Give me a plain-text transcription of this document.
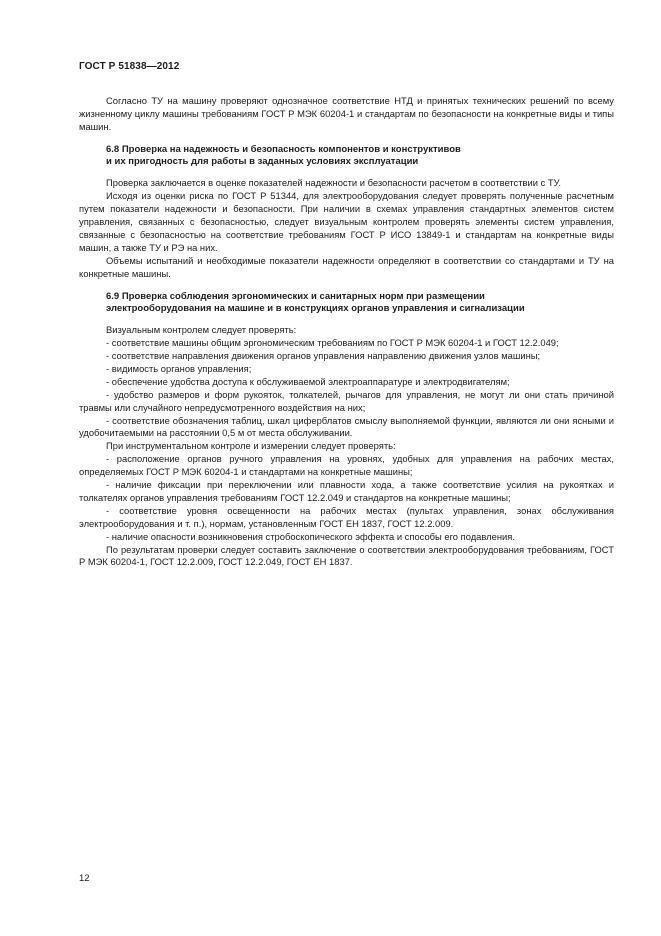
ГОСТ Р 51838—2012

Согласно ТУ на машину проверяют однозначное соответствие НТД и принятых технических решений по всему жизненному циклу машины требованиям ГОСТ Р МЭК 60204-1 и стандартам по безопасности на конкретные виды и типы машин.

6.8 Проверка на надежность и безопасность компонентов и конструктивов
и их пригодность для работы в заданных условиях эксплуатации

Проверка заключается в оценке показателей надежности и безопасности расчетом в соответствии с ТУ.

Исходя из оценки риска по ГОСТ Р 51344, для электрооборудования следует проверять полученные расчетным путем показатели надежности и безопасности. При наличии в схемах управления стандартных элементов систем управления, связанных с безопасностью, следует визуальным контролем проверять элементы систем управления, связанные с безопасностью на соответствие требованиям ГОСТ Р ИСО 13849-1 и стандартам на конкретные виды машин, а также ТУ и РЭ на них.

Объемы испытаний и необходимые показатели надежности определяют в соответствии со стандартами и ТУ на конкретные машины.

6.9 Проверка соблюдения эргономических и санитарных норм при размещении
электрооборудования на машине и в конструкциях органов управления и сигнализации

Визуальным контролем следует проверять:

- соответствие машины общим эргономическим требованиям по ГОСТ Р МЭК 60204-1 и ГОСТ 12.2.049;

- соответствие направления движения органов управления направлению движения узлов машины;

- видимость органов управления;

- обеспечение удобства доступа к обслуживаемой электроаппаратуре и электродвигателям;

- удобство размеров и форм рукояток, толкателей, рычагов для управления, не могут ли они стать причиной травмы или случайного непредусмотренного воздействия на них;

- соответствие обозначения таблиц, шкал циферблатов смыслу выполняемой функции, являются ли они ясными и удобочитаемыми на расстоянии 0,5 м от места обслуживании.

При инструментальном контроле и измерении следует проверять:

- расположение органов ручного управления на уровнях, удобных для управления на рабочих местах, определяемых ГОСТ Р МЭК 60204-1 и стандартами на конкретные машины;

- наличие фиксации при переключении или плавности хода, а также соответствие усилия на рукоятках и толкателях органов управления требованиям ГОСТ 12.2.049 и стандартов на конкретные машины;

- соответствие уровня освещенности на рабочих местах (пультах управления, зонах обслуживания электрооборудования и т. п.), нормам, установленным ГОСТ ЕН 1837, ГОСТ 12.2.009.

- наличие опасности возникновения стробоскопического эффекта и способы его подавления.

По результатам проверки следует составить заключение о соответствии электрооборудования требованиям, ГОСТ Р МЭК 60204-1, ГОСТ 12.2.009, ГОСТ 12.2.049, ГОСТ ЕН 1837.

12
